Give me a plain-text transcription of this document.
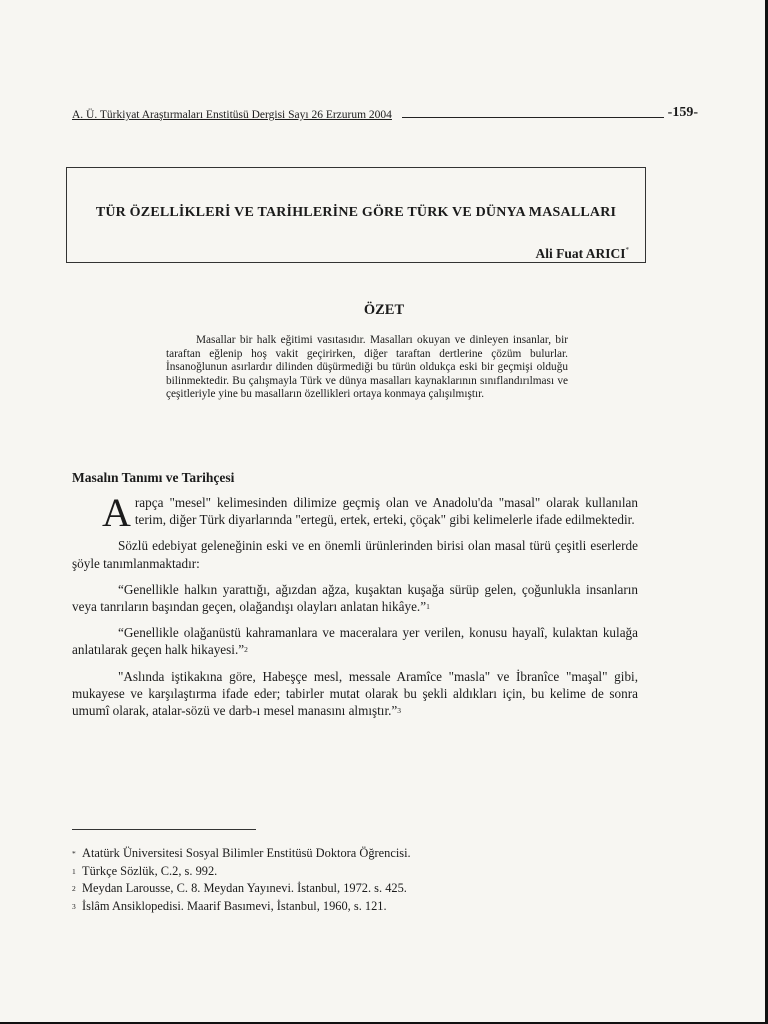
A. Ü. Türkiyat Araştırmaları Enstitüsü Dergisi Sayı 26 Erzurum 2004	-159-
TÜR ÖZELLİKLERİ VE TARİHLERİNE GÖRE TÜRK VE DÜNYA MASALLARI
Ali Fuat ARICI*
ÖZET

Masallar bir halk eğitimi vasıtasıdır. Masalları okuyan ve dinleyen insanlar, bir taraftan eğlenip hoş vakit geçirirken, diğer taraftan dertlerine çözüm bulurlar. İnsanoğlunun asırlardır dilinden düşürmediği bu türün oldukça eski bir geçmişi olduğu bilinmektedir. Bu çalışmayla Türk ve dünya masalları kaynaklarının sınıflandırılması ve çeşitleriyle yine bu masalların özellikleri ortaya konmaya çalışılmıştır.

Masalın Tanımı ve Tarihçesi

Arapça "mesel" kelimesinden dilimize geçmiş olan ve Anadolu'da "masal" olarak kullanılan terim, diğer Türk diyarlarında "ertegü, ertek, erteki, çöçak" gibi kelimelerle ifade edilmektedir.

Sözlü edebiyat geleneğinin eski ve en önemli ürünlerinden birisi olan masal türü çeşitli eserlerde şöyle tanımlanmaktadır:

“Genellikle halkın yarattığı, ağızdan ağza, kuşaktan kuşağa sürüp gelen, çoğunlukla insanların veya tanrıların başından geçen, olağandışı olayları anlatan hikâye.”$^1$

“Genellikle olağanüstü kahramanlara ve maceralara yer verilen, konusu hayalî, kulaktan kulağa anlatılarak geçen halk hikayesi.”$^2$

"Aslında iştikakına göre, Habeşçe mesl, messale Aramîce "masla" ve İbranîce "maşal" gibi, mukayese ve karşılaştırma ifade eder; tabirler mutat olarak bu şekli aldıkları için, bu kelime de sonra umumî olarak, atalar-sözü ve darb-ı mesel manasını almıştır.”$^3$

* Atatürk Üniversitesi Sosyal Bilimler Enstitüsü Doktora Öğrencisi.

$^1$ Türkçe Sözlük, C.2, s. 992.

$^2$ Meydan Larousse, C. 8. Meydan Yayınevi. İstanbul, 1972. s. 425.

$^3$ İslâm Ansiklopedisi. Maarif Basımevi, İstanbul, 1960, s. 121.
